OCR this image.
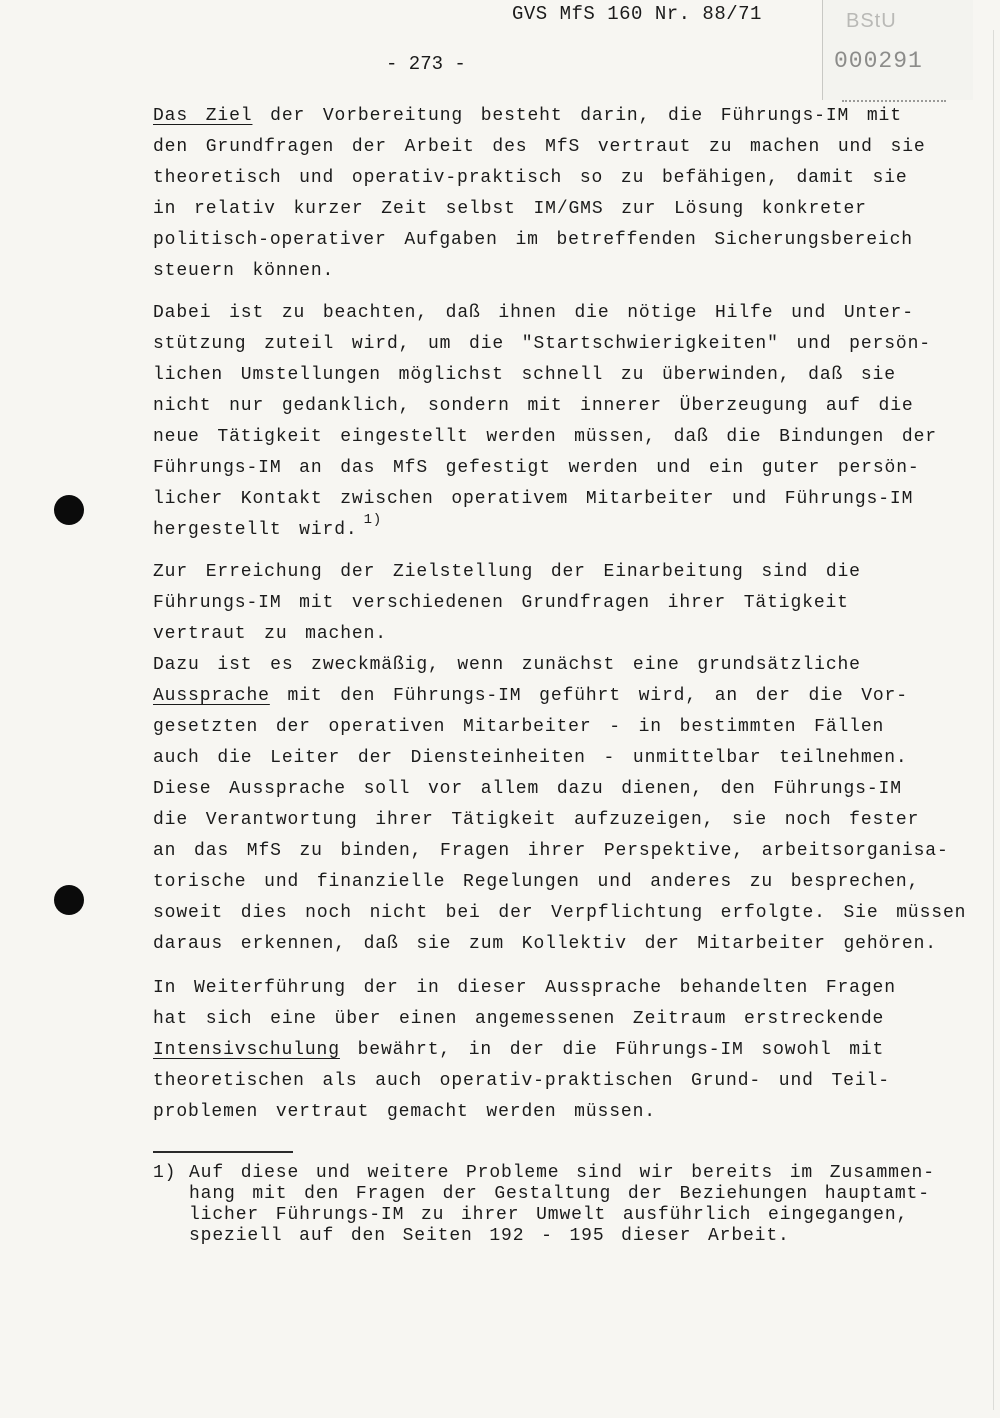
GVS MfS 160 Nr. 88/71
- 273 -
BStU
000291
Das Ziel der Vorbereitung besteht darin, die Führungs-IM mit
den Grundfragen der Arbeit des MfS vertraut zu machen und sie
theoretisch und operativ-praktisch so zu befähigen, damit sie
in relativ kurzer Zeit selbst IM/GMS zur Lösung konkreter
politisch-operativer Aufgaben im betreffenden Sicherungsbereich
steuern können.
Dabei ist zu beachten, daß ihnen die nötige Hilfe und Unter-
stützung zuteil wird, um die "Startschwierigkeiten" und persön-
lichen Umstellungen möglichst schnell zu überwinden, daß sie
nicht nur gedanklich, sondern mit innerer Überzeugung auf die
neue Tätigkeit eingestellt werden müssen, daß die Bindungen der
Führungs-IM an das MfS gefestigt werden und ein guter persön-
licher Kontakt zwischen operativem Mitarbeiter und Führungs-IM
hergestellt wird. $^{1)}$
Zur Erreichung der Zielstellung der Einarbeitung sind die
Führungs-IM mit verschiedenen Grundfragen ihrer Tätigkeit
vertraut zu machen.
Dazu ist es zweckmäßig, wenn zunächst eine grundsätzliche
Aussprache mit den Führungs-IM geführt wird, an der die Vor-
gesetzten der operativen Mitarbeiter - in bestimmten Fällen
auch die Leiter der Diensteinheiten - unmittelbar teilnehmen.
Diese Aussprache soll vor allem dazu dienen, den Führungs-IM
die Verantwortung ihrer Tätigkeit aufzuzeigen, sie noch fester
an das MfS zu binden, Fragen ihrer Perspektive, arbeitsorganisa-
torische und finanzielle Regelungen und anderes zu besprechen,
soweit dies noch nicht bei der Verpflichtung erfolgte. Sie müssen
daraus erkennen, daß sie zum Kollektiv der Mitarbeiter gehören.
In Weiterführung der in dieser Aussprache behandelten Fragen
hat sich eine über einen angemessenen Zeitraum erstreckende
Intensivschulung bewährt, in der die Führungs-IM sowohl mit
theoretischen als auch operativ-praktischen Grund- und Teil-
problemen vertraut gemacht werden müssen.
1) Auf diese und weitere Probleme sind wir bereits im Zusammen-
hang mit den Fragen der Gestaltung der Beziehungen hauptamt-
licher Führungs-IM zu ihrer Umwelt ausführlich eingegangen,
speziell auf den Seiten 192 - 195 dieser Arbeit.
